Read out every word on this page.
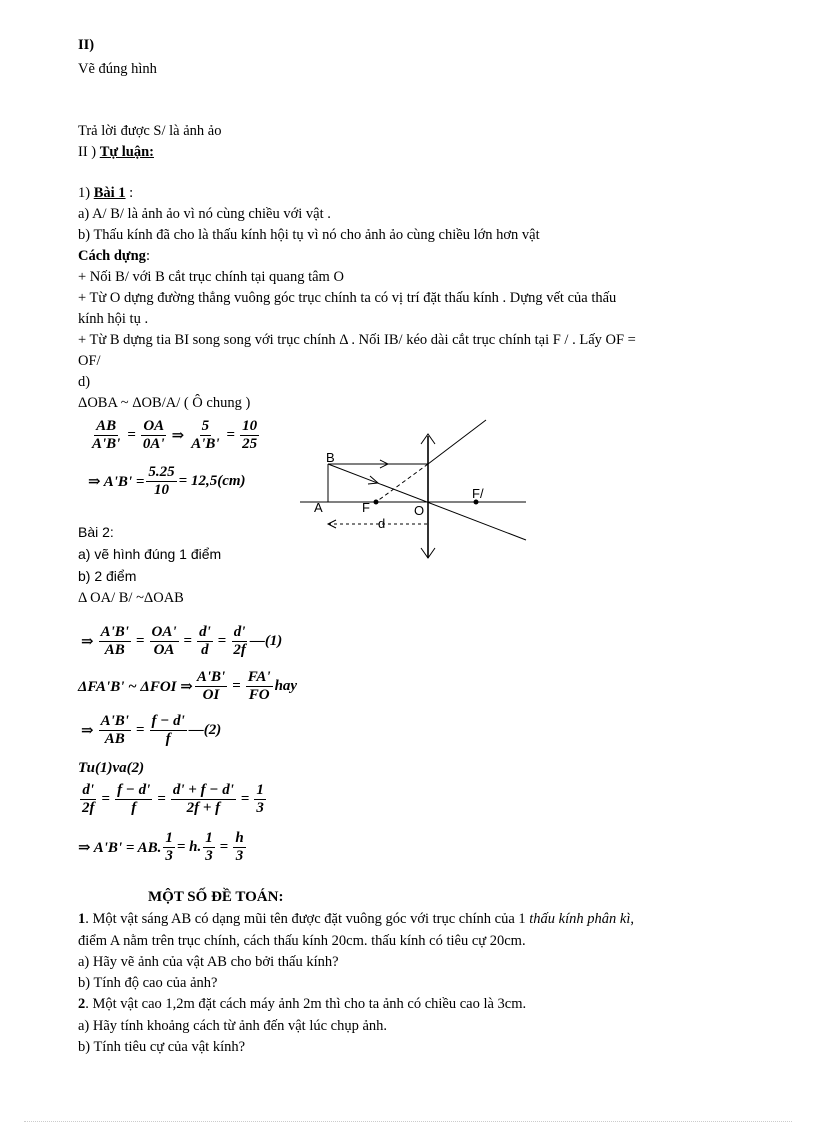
II)
Vẽ đúng hình
Trả lời được S/ là ảnh ảo
II ) Tự luận:
1) Bài 1 :
a) A/ B/ là ảnh ảo vì nó cùng chiều với vật .
b) Thấu kính đã cho là thấu kính hội tụ vì nó cho ảnh ảo cùng chiều lớn hơn vật
Cách dựng:
+ Nối B/ với B cắt trục chính tại quang tâm O
+ Từ O dựng đường thẳng vuông góc trục chính ta có vị trí đặt thấu kính . Dựng vết của thấu
kính hội tụ .
+ Từ B dựng tia BI song song với trục chính Δ . Nối IB/ kéo dài cắt trục chính tại F / . Lấy OF =
OF/
d)
ΔOBA ~ ΔOB/A/ ( Ô chung )
$\frac{AB}{A'B'} = \frac{OA}{0A'}$ ⇒ $\frac{5}{A'B'} = \frac{10}{25}$
⇒ $A'B' = \frac{5.25}{10} = 12,5(cm)$
B
A	F	O
F/
d
Bài 2:
a) vẽ hình đúng 1 điểm
b) 2 điểm
Δ OA/ B/ ~ΔOAB
⇒ $\frac{A'B'}{AB} = \frac{OA'}{OA} = \frac{d'}{d} = \frac{d'}{2f}$ —(1)
ΔFA'B' ~ ΔFOI ⇒ $\frac{A'B'}{OI} = \frac{FA'}{FO}$ hay
⇒ $\frac{A'B'}{AB} = \frac{f - d'}{f}$ —(2)
Tu(1)va(2)
$\frac{d'}{2f} = \frac{f - d'}{f} = \frac{d' + f - d'}{2f + f} = \frac{1}{3}$
⇒ A'B' = AB. $\frac{1}{3} = h$. $\frac{1}{3} = \frac{h}{3}$
MỘT SỐ ĐỀ TOÁN:
1. Một vật sáng AB có dạng mũi tên được đặt vuông góc với trục chính của 1 thấu kính phân kì,
điểm A nằm trên trục chính, cách thấu kính 20cm. thấu kính có tiêu cự 20cm.
a) Hãy vẽ ảnh của vật AB cho bởi thấu kính?
b) Tính độ cao của ảnh?
2. Một vật cao 1,2m đặt cách máy ảnh 2m thì cho ta ảnh có chiều cao là 3cm.
a) Hãy tính khoảng cách từ ảnh đến vật lúc chụp ảnh.
b) Tính tiêu cự của vật kính?
